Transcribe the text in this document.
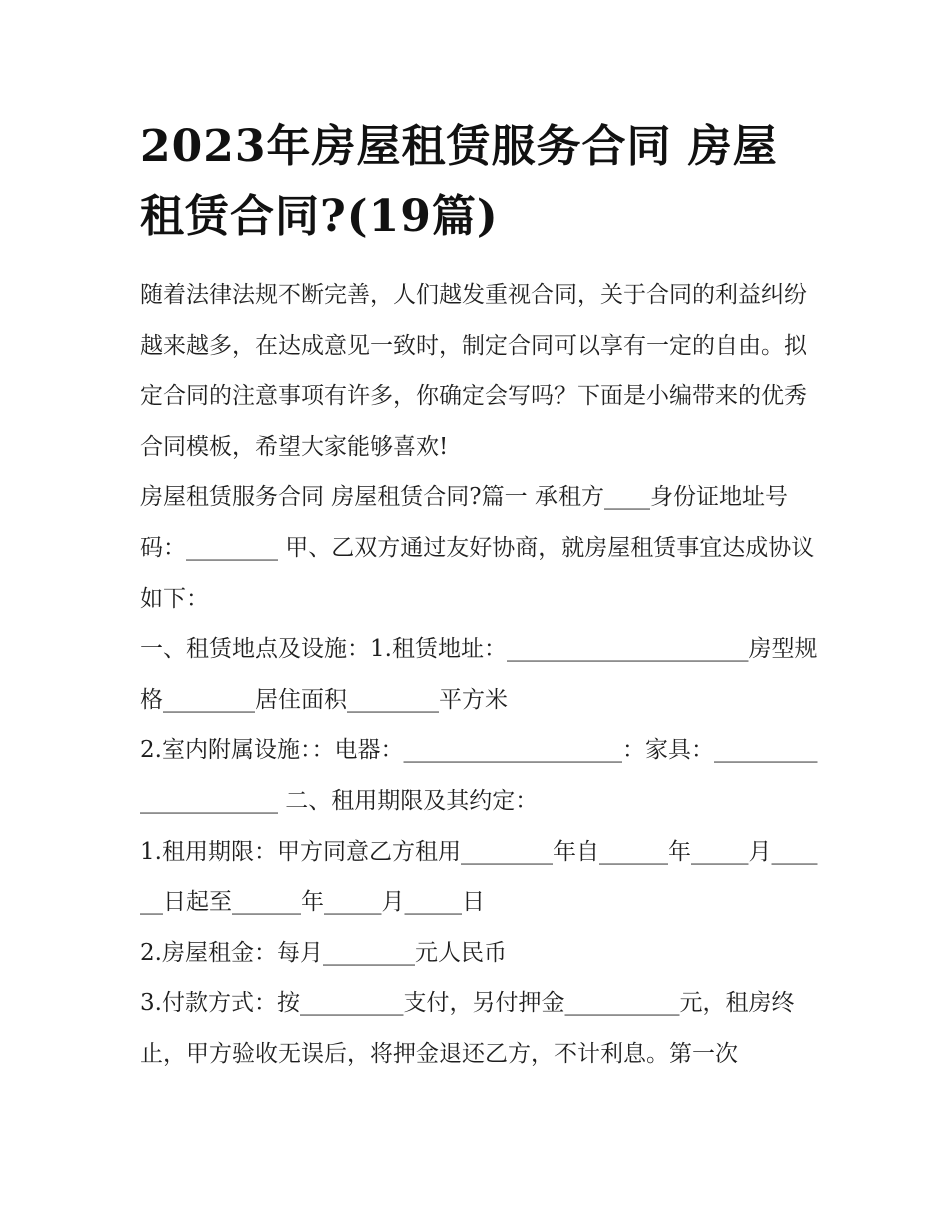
2023年房屋租赁服务合同 房屋租赁合同?(19篇)

随着法律法规不断完善，人们越发重视合同，关于合同的利益纠纷越来越多，在达成意见一致时，制定合同可以享有一定的自由。拟定合同的注意事项有许多，你确定会写吗？下面是小编带来的优秀合同模板，希望大家能够喜欢!

房屋租赁服务合同 房屋租赁合同?篇一 承租方____身份证地址号码：________ 甲、乙双方通过友好协商，就房屋租赁事宜达成协议如下：

一、租赁地点及设施：1.租赁地址：_____________________房型规格________居住面积________平方米

2.室内附属设施：：电器：___________________：家具：_____________________ 二、租用期限及其约定：

1.租用期限：甲方同意乙方租用________年自______年_____月______日起至______年_____月_____日

2.房屋租金：每月________元人民币

3.付款方式：按_________支付，另付押金__________元，租房终止，甲方验收无误后，将押金退还乙方，不计利息。第一次
